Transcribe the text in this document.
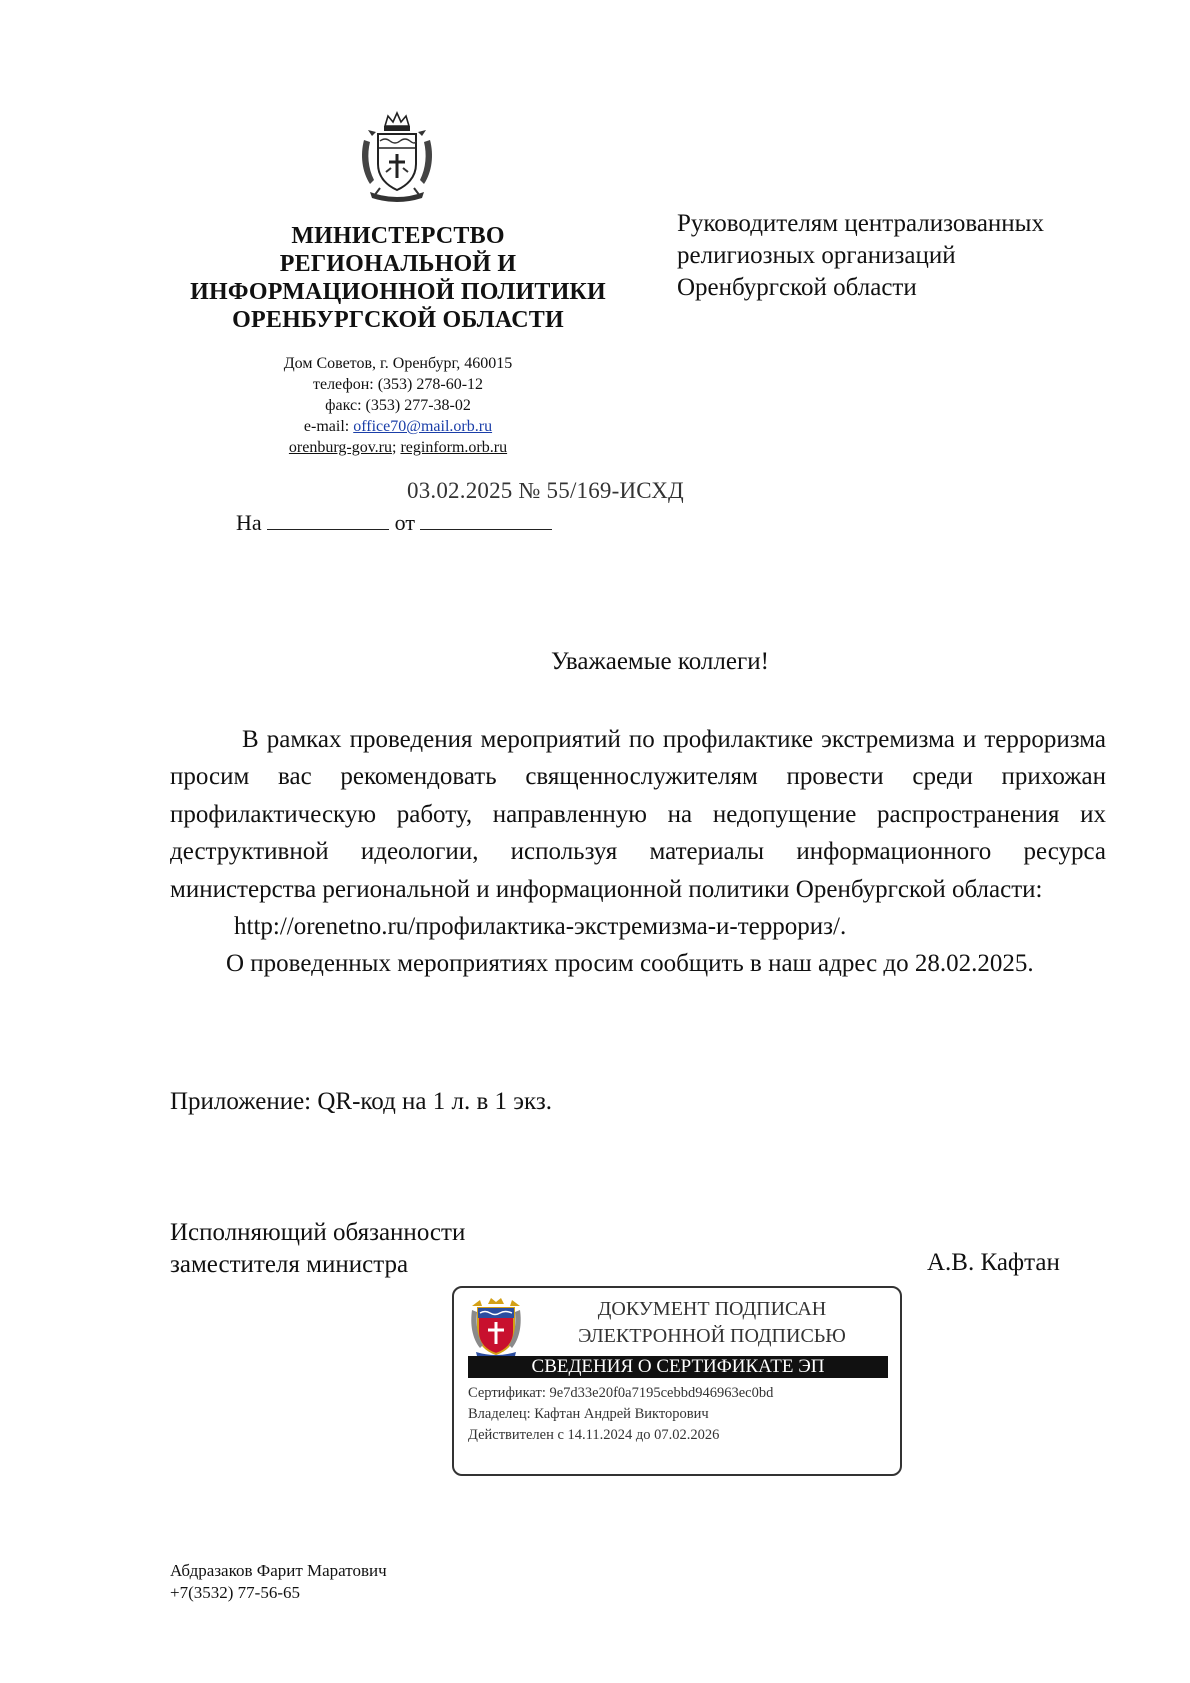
МИНИСТЕРСТВО
РЕГИОНАЛЬНОЙ И
ИНФОРМАЦИОННОЙ ПОЛИТИКИ
ОРЕНБУРГСКОЙ ОБЛАСТИ
Дом Советов, г. Оренбург, 460015
телефон: (353) 278-60-12
факс: (353) 277-38-02
e-mail: office70@mail.orb.ru
orenburg-gov.ru; reginform.orb.ru
Руководителям централизованных
религиозных организаций
Оренбургской области
03.02.2025 № 55/169-ИСХД
На	от
Уважаемые коллеги!

В рамках проведения мероприятий по профилактике экстремизма и терроризма просим вас рекомендовать священнослужителям провести среди прихожан профилактическую работу, направленную на недопущение распространения их деструктивной идеологии, используя материалы информационного ресурса министерства региональной и информационной политики Оренбургской области:

http://orenetno.ru/профилактика-экстремизма-и-террориз/.

О проведенных мероприятиях просим сообщить в наш адрес до 28.02.2025.

Приложение: QR-код на 1 л. в 1 экз.
Исполняющий обязанности
заместителя министра	А.В. Кафтан
ДОКУМЕНТ ПОДПИСАН
ЭЛЕКТРОННОЙ ПОДПИСЬЮ
СВЕДЕНИЯ О СЕРТИФИКАТЕ ЭП
Сертификат: 9e7d33e20f0a7195cebbd946963ec0bd
Владелец: Кафтан Андрей Викторович
Действителен с 14.11.2024 до 07.02.2026
Абдразаков Фарит Маратович
+7(3532) 77-56-65
